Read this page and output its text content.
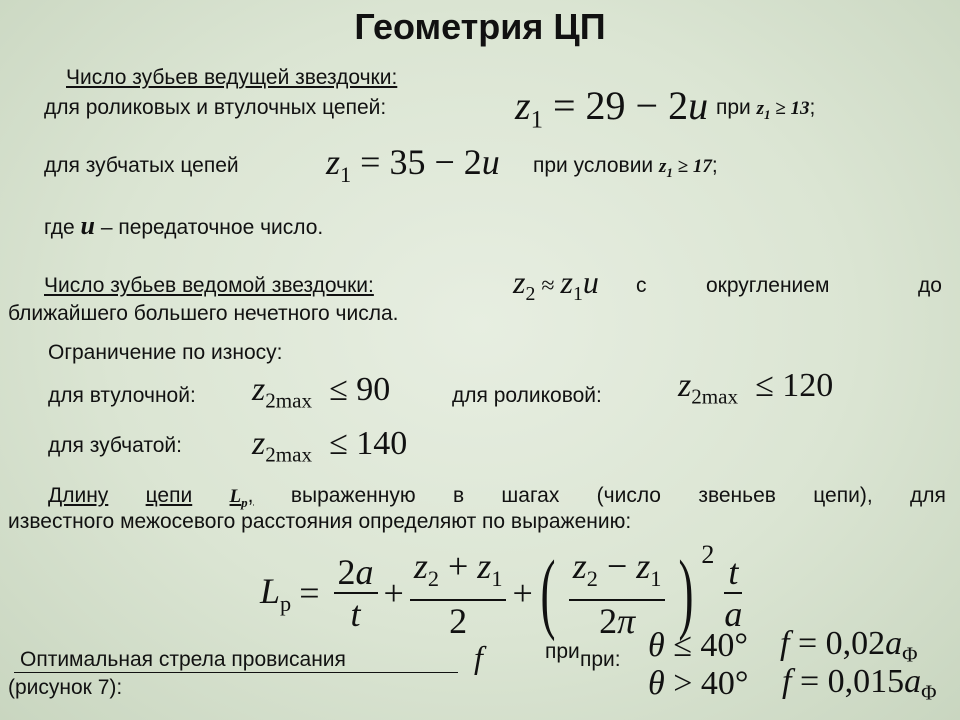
Геометрия ЦП
Число зубьев ведущей звездочки:
для роликовых и втулочных цепей:	$z_1 = 29 - 2u$ при $z_1 \ge 13$;
для зубчатых цепей $z_1 = 35 - 2u$ при условии $z_1 \ge 17$;
где u – передаточное число.
Число зубьев ведомой звездочки:	$z_2 \approx z_1u$ с	округлением	до
ближайшего большего нечетного числа.
Ограничение по износу:
для втулочной: $z_{2max} \le 90$	для роликовой: $z_{2max} \le 120$
для зубчатой: $z_{2max} \le 140$
Длину цепи $L_p$, выраженную в шагах (число звеньев цепи), для
известного межосевого расстояния определяют по выражению:
$L_p = \frac{2a}{t} + \frac{z_2 + z_1}{2}$ + ( $\frac{z_2 - z_1}{2\pi}$ ) $2 \frac{t}{a}$
Оптимальная стрела провисания	f
(рисунок 7):
при при: θ ≤ 40°
θ > 40°
$f = 0,02a_\Phi$
$f = 0,015a_\Phi$
